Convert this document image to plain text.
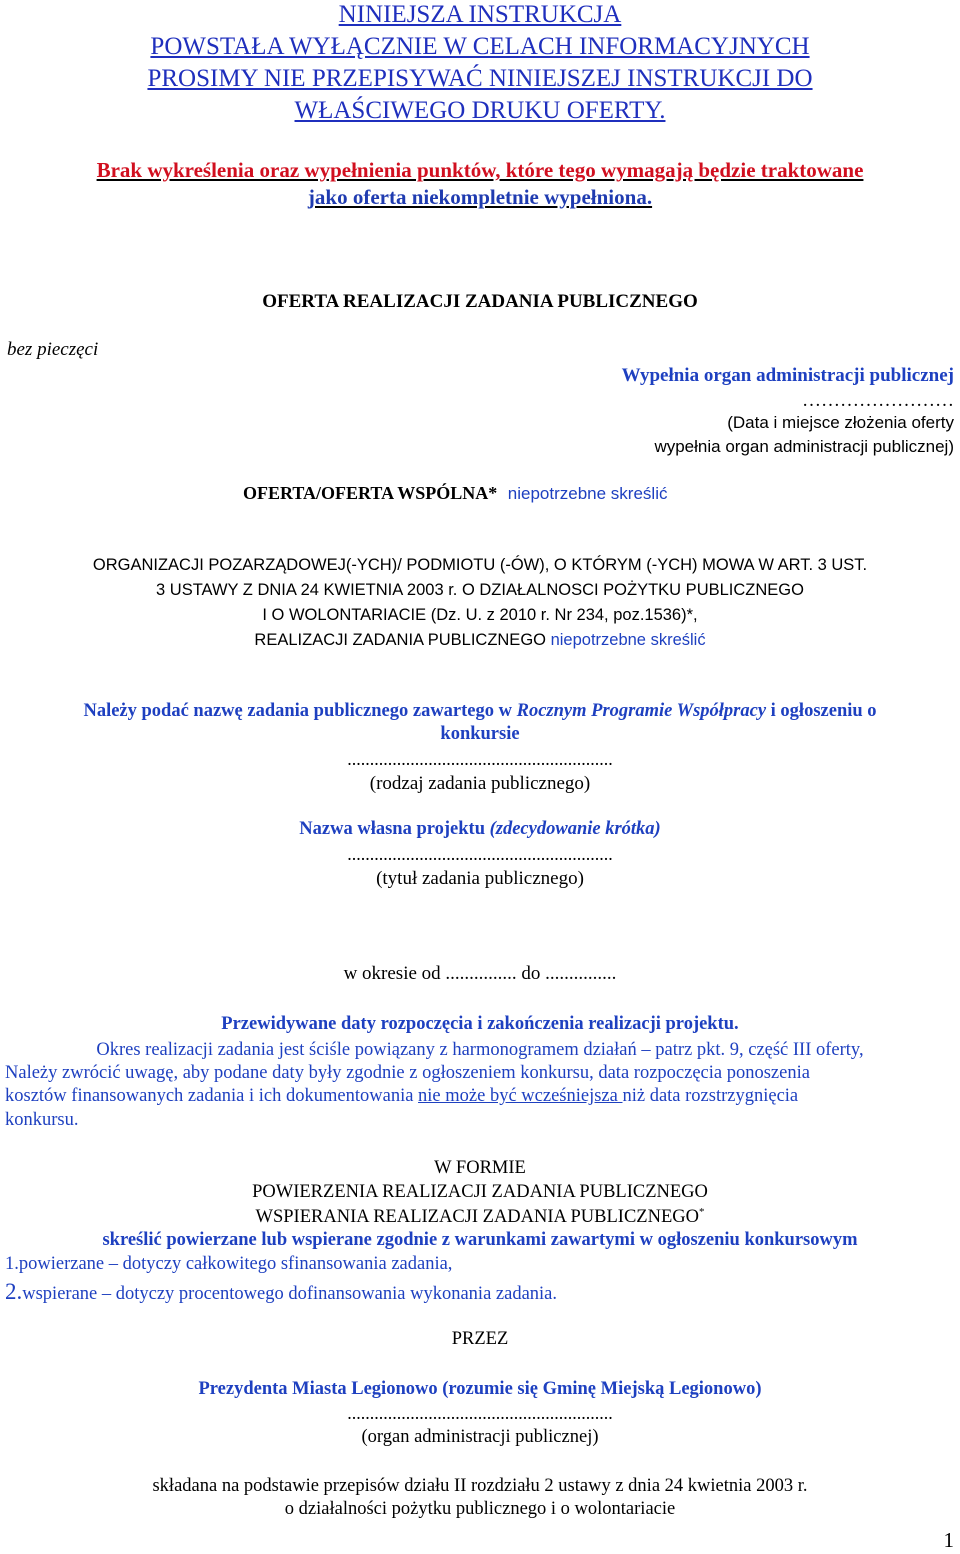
NINIEJSZA INSTRUKCJA
POWSTAŁA WYŁĄCZNIE W CELACH INFORMACYJNYCH
PROSIMY NIE PRZEPISYWAĆ NINIEJSZEJ INSTRUKCJI DO
WŁAŚCIWEGO DRUKU OFERTY.
Brak wykreślenia oraz wypełnienia punktów, które tego wymagają będzie traktowane
jako oferta niekompletnie wypełniona.
OFERTA REALIZACJI ZADANIA PUBLICZNEGO
bez pieczęci
Wypełnia organ administracji publicznej
……………………
(Data i miejsce złożenia oferty
wypełnia organ administracji publicznej)
OFERTA/OFERTA WSPÓLNA* niepotrzebne skreślić
ORGANIZACJI POZARZĄDOWEJ(-YCH)/ PODMIOTU (-ÓW), O KTÓRYM (-YCH) MOWA W ART. 3 UST.
3 USTAWY Z DNIA 24 KWIETNIA 2003 r. O DZIAŁALNOSCI POŻYTKU PUBLICZNEGO
I O WOLONTARIACIE (Dz. U. z 2010 r. Nr 234, poz.1536)*,
REALIZACJI ZADANIA PUBLICZNEGO niepotrzebne skreślić
Należy podać nazwę zadania publicznego zawartego w Rocznym Programie Współpracy i ogłoszeniu o
konkursie
...........................................................
(rodzaj zadania publicznego)
Nazwa własna projektu (zdecydowanie krótka)
...........................................................
(tytuł zadania publicznego)
w okresie od ............... do ...............
Przewidywane daty rozpoczęcia i zakończenia realizacji projektu.
Okres realizacji zadania jest ściśle powiązany z harmonogramem działań – patrz pkt. 9, część III oferty,
Należy zwrócić uwagę, aby podane daty były zgodnie z ogłoszeniem konkursu, data rozpoczęcia ponoszenia
kosztów finansowanych zadania i ich dokumentowania nie może być wcześniejsza niż data rozstrzygnięcia
konkursu.
W FORMIE
POWIERZENIA REALIZACJI ZADANIA PUBLICZNEGO
WSPIERANIA REALIZACJI ZADANIA PUBLICZNEGO*
skreślić powierzane lub wspierane zgodnie z warunkami zawartymi w ogłoszeniu konkursowym
1.powierzane – dotyczy całkowitego sfinansowania zadania,
2.wspierane – dotyczy procentowego dofinansowania wykonania zadania.
PRZEZ
Prezydenta Miasta Legionowo (rozumie się Gminę Miejską Legionowo)
...........................................................
(organ administracji publicznej)
składana na podstawie przepisów działu II rozdziału 2 ustawy z dnia 24 kwietnia 2003 r.
o działalności pożytku publicznego i o wolontariacie
1
